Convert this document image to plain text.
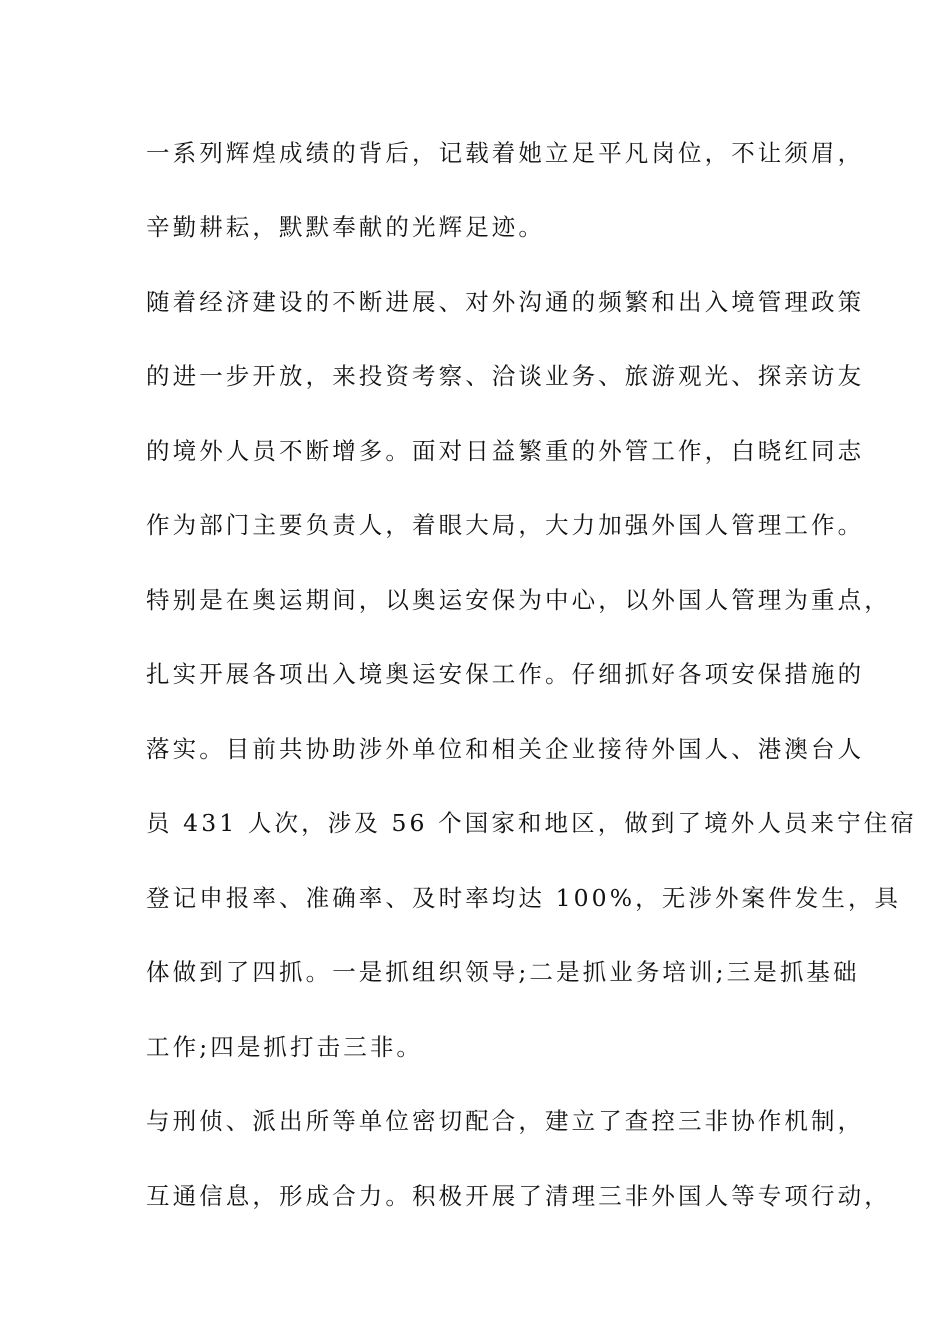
一系列辉煌成绩的背后，记载着她立足平凡岗位，不让须眉，
辛勤耕耘，默默奉献的光辉足迹。
随着经济建设的不断进展、对外沟通的频繁和出入境管理政策
的进一步开放，来投资考察、洽谈业务、旅游观光、探亲访友
的境外人员不断增多。面对日益繁重的外管工作，白晓红同志
作为部门主要负责人，着眼大局，大力加强外国人管理工作。
特别是在奥运期间，以奥运安保为中心，以外国人管理为重点，
扎实开展各项出入境奥运安保工作。仔细抓好各项安保措施的
落实。目前共协助涉外单位和相关企业接待外国人、港澳台人
员 431 人次，涉及 56 个国家和地区，做到了境外人员来宁住宿
登记申报率、准确率、及时率均达 100%，无涉外案件发生，具
体做到了四抓。一是抓组织领导;二是抓业务培训;三是抓基础
工作;四是抓打击三非。
与刑侦、派出所等单位密切配合，建立了查控三非协作机制，
互通信息，形成合力。积极开展了清理三非外国人等专项行动，
